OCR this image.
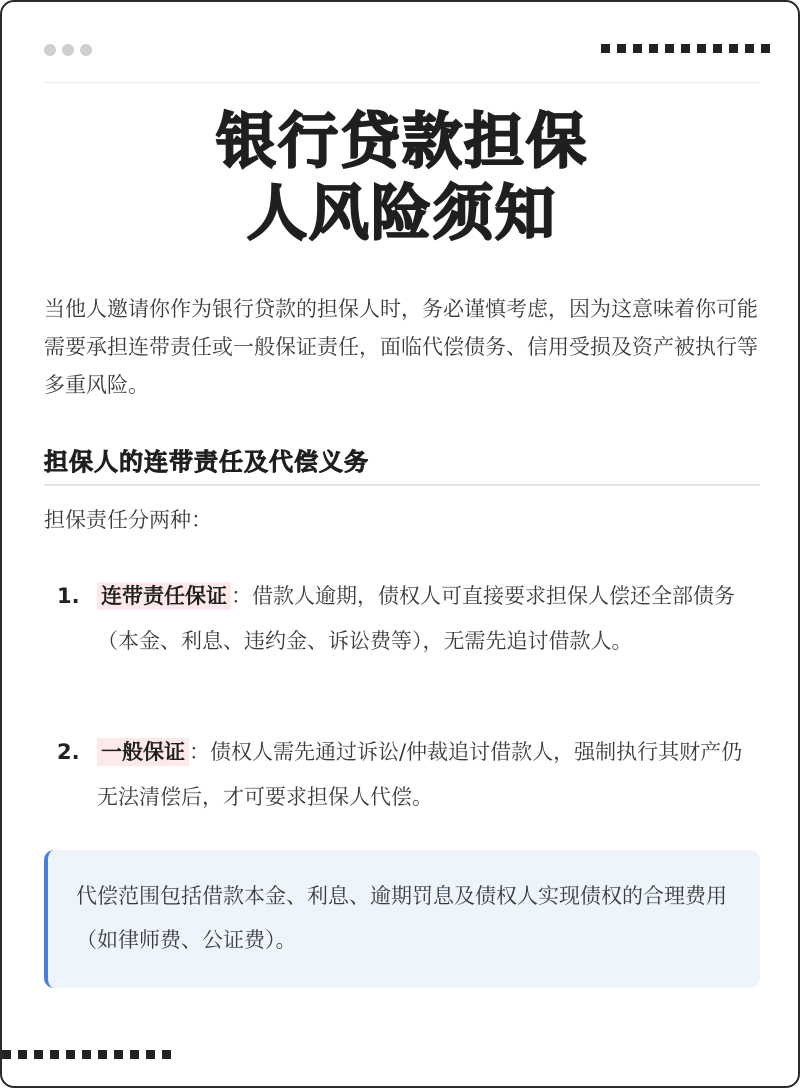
银行贷款担保
人风险须知
当他人邀请你作为银行贷款的担保人时，务必谨慎考虑，因为这意味着你可能需要承担连带责任或一般保证责任，面临代偿债务、信用受损及资产被执行等多重风险。
担保人的连带责任及代偿义务
担保责任分两种：
1. 连带责任保证 ：借款人逾期，债权人可直接要求担保人偿还全部债务（本金、利息、违约金、诉讼费等），无需先追讨借款人。
2. 一般保证 ：债权人需先通过诉讼/仲裁追讨借款人，强制执行其财产仍无法清偿后，才可要求担保人代偿。
代偿范围包括借款本金、利息、逾期罚息及债权人实现债权的合理费用（如律师费、公证费）。
